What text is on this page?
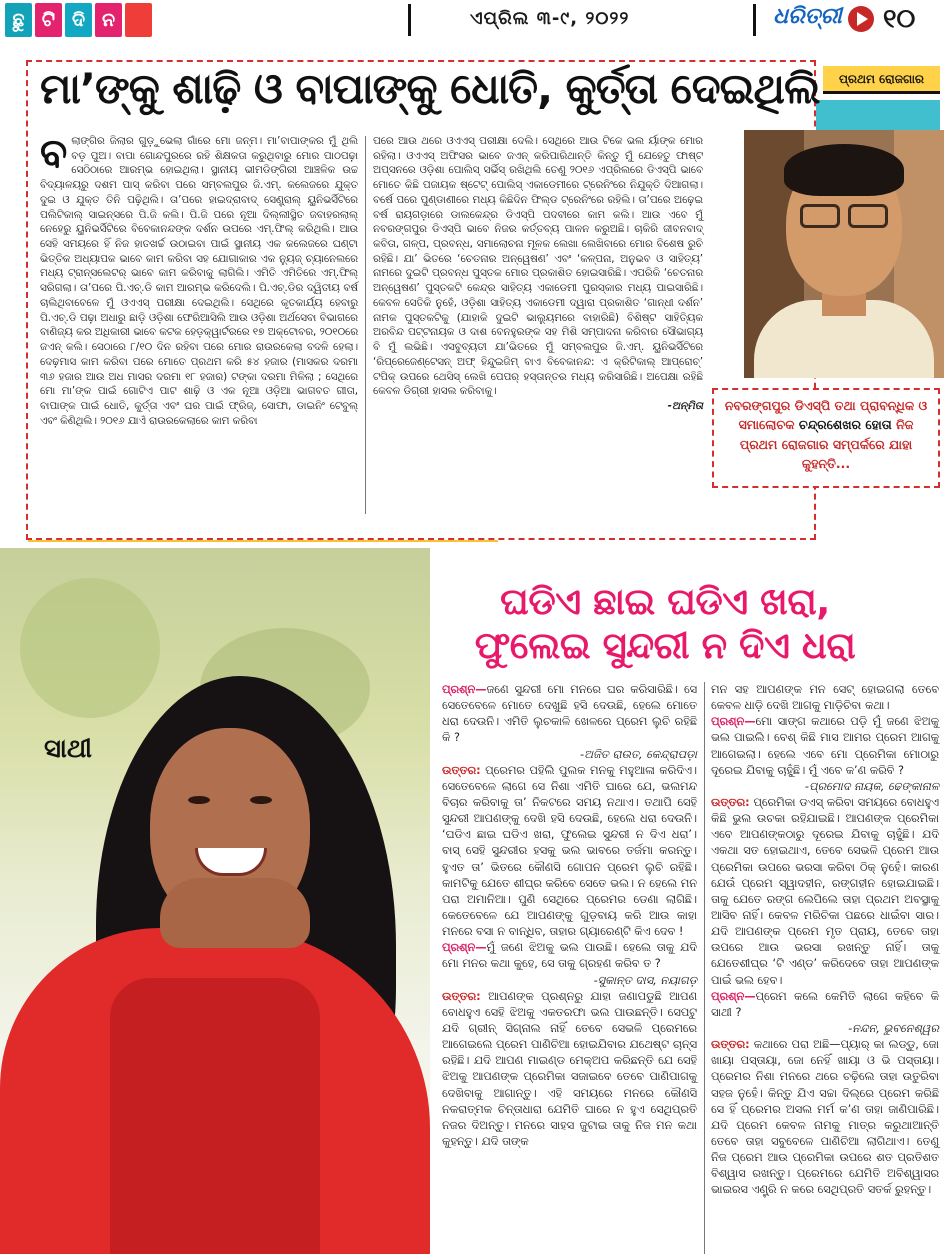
ଛୁ ଟି ଦି ନ	ଏପ୍ରିଲ ୩-୯, ୨୦୨୨	ଧରିତ୍ରୀ ୧୦
ପ୍ରଥମ ରୋଜଗାର
ମା’ଙ୍କୁ ଶାଢ଼ି ଓ ବାପାଙ୍କୁ ଧୋତି, କୁର୍ତ୍ତା ଦେଇଥିଲି
ବ ଲାଙ୍ଗିର ଜିଲାର ଗୁଡ଼ୁଭେଲା ଗାଁରେ ମୋ ଜନ୍ମ। ମା’ବାପାଙ୍କର ମୁଁ ଥିଲି ବଡ଼ ପୁଅ। ବାପା ଗୋନ୍ଦପୁରରେ ରହି ଶିକ୍ଷକତା କରୁଥିବାରୁ ମୋର ପାଠପଢ଼ା ସେଠିଠାରେ ଆରମ୍ଭ ହୋଇଥିଲା। ସ୍ଥାନୀୟ ଭୀମଡିଙ୍ଗିରୀ ଆଞ୍ଚଳିକ ଉଚ୍ଚ ବିଦ୍ୟାଳୟରୁ ଦଶମ ପାସ୍ କରିବା ପରେ ସମ୍ବଲପୁର ଜି.ଏମ୍. କଲେଜରେ ଯୁକ୍ତ ଦୁଇ ଓ ଯୁକ୍ତ ତିନି ପଢ଼ିଥିଲି। ତା’ପରେ ହାଇଦ୍ରାବାଦ୍ ସେଣ୍ଟ୍ରାଲ୍ ୟୁନିଭର୍ସିଟିରେ ପଲିଟିକାଲ୍ ସାଇନ୍ସରେ ପି.ଜି କଲି। ପି.ଜି ପରେ ନୂଆ ଦିଲ୍ଲୀସ୍ଥିତ ଜବାହରଲାଲ୍ ନେହେରୁ ୟୁନିଭର୍ସିଟିରେ ବିବେକାନନ୍ଦଙ୍କ ଦର୍ଶନ ଉପରେ ଏମ୍.ଫିଲ୍ କରିଥିଲି। ଆଉ ସେହି ସମୟରେ ହିଁ ନିଜ ହାତଖର୍ଚ୍ଚ ଉଠାଇବା ପାଇଁ ସ୍ଥାନୀୟ ଏକ କଲେଜରେ ଘଣ୍ଟା ଭିତ୍ତିକ ଅଧ୍ୟାପକ ଭାବେ କାମ କରିବା ସହ ଯୋଗାକାର ଏକ ନ୍ୟୁଜ୍ ଚ୍ୟାନେଲରେ ମଧ୍ୟ ଟ୍ରାନ୍ସଲେଟର୍ ଭାବେ କାମ କରିବାକୁ ଲାଗିଲି। ଏମିତି ଏମିତିରେ ଏମ୍.ଫିଲ୍ ସରିଗଲା। ତା’ପରେ ପି.ଏଚ୍.ଡି କାମ ଆରମ୍ଭ କରିଦେଲି। ପି.ଏଚ୍.ଡିର ଦ୍ୱିତୀୟ ବର୍ଷ ଚାଲିଥିବାବେଳେ ମୁଁ ଓଏଏସ୍ ପରୀକ୍ଷା ଦେଇଥିଲି। ସେଥିରେ କୃତକାର୍ଯ୍ୟ ହେବାରୁ ପି.ଏଚ୍.ଡି ପଢ଼ା ଅଧାରୁ ଛାଡ଼ି ଓଡ଼ିଶା ଫେରିଆସିଲି ଆଉ ଓଡ଼ିଶା ଅର୍ଥସେବା ବିଭାଗରେ ବାଣିଜ୍ୟ କର ଅଧିକାରୀ ଭାବେ କଟକ ହେଡ଼କ୍ୱାର୍ଟରରେ ୧୭ ଅକ୍ଟୋବର, ୨୦୧୦ରେ ଜଏନ୍ କଲି। ସେଠାରେ ୮/୧୦ ଦିନ ରହିବା ପରେ ମୋର ରାଉରକେଲା ବଦଳି ହେଲା। ଦେଢ଼ମାସ କାମ କରିବା ପରେ ମୋତେ ପ୍ରଥମ କରି ୫୪ ହଜାର (ମାସକର ଦରମା ୩୬ ହଜାର ଆଉ ଅଧ ମାସର ଦରମା ୧୮ ହଜାର) ଟଙ୍କା ଦରମା ମିଳିଲା ; ସେଥିରେ ମୋ ମା’ଙ୍କ ପାଇଁ ଗୋଟିଏ ପାଟ ଶାଢ଼ି ଓ ଏକ ନୂଆ ଓଡ଼ିଆ ଭାଗବତ ଗୀତା, ବାପାଙ୍କ ପାଇଁ ଧୋତି, କୁର୍ତ୍ତା ଏବଂ ଘର ପାଇଁ ଫ୍ରିଜ୍, ସୋଫା, ଡାଇନିଂ ଟେବୁଲ୍ ଏବଂ କିଣିଥିଲି। ୨୦୧୬ ଯାଏଁ ରାଉରକେଲାରେ କାମ କରିବା

ପରେ ଆଉ ଥରେ ଓଏଏସ୍ ପରୀକ୍ଷା ଦେଲି। ସେଥିରେ ଆଉ ଟିକେ ଭଲ ର୍ୟାଙ୍କ ମୋର ରହିଲା। ଓଏଏସ୍ ଅଫିସର ଭାବେ ଜଏନ୍ କରିପାରିଥାନ୍ତି କିନ୍ତୁ ମୁଁ ଯେହେତୁ ଫାଷ୍ଟ ଅପ୍ସନରେ ଓଡ଼ିଶା ପୋଲିସ୍ ସର୍ଭିସ୍ ରଖିଥିଲି ତେଣୁ ୨୦୧୬ ଏପ୍ରିଲରେ ଡିଏସ୍‌ପି ଭାବେ ମୋତେ କିଛି ପଜାୟକ ଷ୍ଟେଟ୍ ପୋଲିସ୍ ଏକାଡେମୀରେ ଟ୍ରେନିଂରେ ନିଯୁକ୍ତି ଦିଆଗଲା। ବର୍ଷେ ପରେ ପୁଣ୍ଡାଣୀରେ ମଧ୍ୟ କିଛିଦିନ ଫିଲ୍ଡ ଟ୍ରେନିଂରେ ରହିଲି। ତା’ପରେ ଅଢ଼େଇ ବର୍ଷ ରାୟଗଡ଼ାରେ ଡାଲକେନ୍ଦ୍ର ଡିଏସ୍‌ପି ପଦବୀରେ କାମ କଲି। ଆଉ ଏବେ ମୁଁ ନବରଙ୍ଗପୁର ଡିଏସ୍‌ପି ଭାବେ ନିଜର କର୍ତ୍ତବ୍ୟ ପାଳନ କରୁଅଛି। ଚାକିରି ଜୀବନବାଦ୍ କବିତା, ଗଳ୍ପ, ପ୍ରବନ୍ଧ, ସମାଲୋଚନା ମୂଳକ ଲେଖା ଲେଖିବାରେ ମୋର ବିଶେଷ ରୁଚି ରହିଛି। ଯା’ ଭିତରେ ‘ଚେତନାର ଅନ୍ୱେଷଣ’ ଏବଂ ‘କଳ୍ପନା, ଅନୁଭବ ଓ ସାହିତ୍ୟ’ ନାମରେ ଦୁଇଟି ପ୍ରବନ୍ଧ ପୁସ୍ତକ ମୋର ପ୍ରକାଶିତ ହୋଇସାରିଛି। ଏପରିକି ‘ଚେତନାର ଅନ୍ୱେଷଣ’ ପୁସ୍ତକଟି କେନ୍ଦ୍ର ସାହିତ୍ୟ ଏକାଡେମୀ ପୁରସ୍କାର ମଧ୍ୟ ପାଇସାରିଛି। କେବଳ ସେତିକି ନୁହେଁ, ଓଡ଼ିଶା ସାହିତ୍ୟ ଏକାଡେମୀ ଦ୍ୱାରା ପ୍ରକାଶିତ ‘ଗାନ୍ଧୀ ଦର୍ଶନ’ ନାମକ ପୁସ୍ତକଟିକୁ (ଯାହାକି ଦୁଇଟି ଭାଲ୍ୟୁମରେ ବାହାରିଛି) ବିଶିଷ୍ଟ ସାହିତ୍ୟିକ ଅରବିନ୍ଦ ପଟ୍ଟନାୟକ ଓ ଦାଶ ବେନହୁରଙ୍କ ସହ ମିଶି ସମ୍ପାଦନା କରିବାର ସୌଭାଗ୍ୟ ବି ମୁଁ ଲଭିଛି। ଏସବୁବ୍ୟତୀ ଯା’ଭିତରେ ମୁଁ ସମ୍ବଲପୁର ଜି.ଏମ୍. ୟୁନିଭର୍ସିଟିରେ ‘ରିପ୍ରେଜେଣ୍ଟେସନ୍ ଅଫ୍ ହିନ୍ଦୁଇଜିମ୍ ବାଏ ବିବେକାନନ୍ଦ: ଏ କ୍ରିଟିକାଲ୍ ଆପ୍ରୋଚ୍’ ଟପିକ୍ ଉପରେ ଥେସିସ୍ ଲେଖି ପେପର୍ ହସ୍ତାନ୍ତର ମଧ୍ୟ କରିସାରିଛି। ଅପେକ୍ଷା ରହିଛି କେବଳ ଡିଗ୍ରୀ ହାସଲ କରିବାକୁ।

-ଅନ୍ମିତା ନବରଙ୍ଗପୁର ଡିଏସ୍‌ପି ତଥା ପ୍ରାବନ୍ଧିକ ଓ ସମାଲୋଚକ ଚନ୍ଦ୍ରଶେଖର ହୋତା ନିଜ ପ୍ରଥମ ରୋଜଗାର ସମ୍ପର୍କରେ ଯାହା କୁହନ୍ତି...

ସାଥୀ
ଘଡିଏ ଛାଇ ଘଡିଏ ଖରା,
ଫୁଲେଇ ସୁନ୍ଦରୀ ନ ଦିଏ ଧରା

ପ୍ରଶ୍ନ—ଜଣେ ସୁନ୍ଦରୀ ମୋ ମନରେ ଘର କରିସାରିଛି। ସେ ସେତେବେଳେ ମୋତେ ଦେଖୁଛି ହସି ଦେଉଛି, ହେଲେ ମୋତେ ଧରା ଦେଉନି। ଏମିତି ଲୁଚକାଳି ଖେଳରେ ପ୍ରେମ ଲୁଚି ରହିଛି କି ?

-ଅଜିତ ରାଉତ, କେନ୍ଦ୍ରାପଡ଼ା

ଉତ୍ତର: ପ୍ରେମର ପହିଲି ପୁଲକ ମନକୁ ମହୁଆଳା କରିଦିଏ। ସେତେବେଳେ ଲାଗେ ସେ ନିଶା ଏମିତି ଘାରେ ଯେ, ଭଲମନ୍ଦ ବିଚାର କରିବାକୁ ତା’ ନିକଟରେ ସମୟ ନଥାଏ। ତଥାପି ସେହି ସୁନ୍ଦରୀ ଆପଣଙ୍କୁ ଦେଖି ହସି ଦେଉଛି, ହେଲେ ଧରା ଦେଉନି। ‘ଘଡିଏ ଛାଇ ଘଡିଏ ଖରା, ଫୁଲେଇ ସୁନ୍ଦରୀ ନ ଦିଏ ଧରା’। ବାସ୍ ସେହି ସୁନ୍ଦରୀର ହସକୁ ଭଲ ଭାବରେ ତର୍ଜମା କରନ୍ତୁ। ହୁଏତ ତା’ ଭିତରେ କୌଣସି ଗୋପନ ପ୍ରେମ ଲୁଚି ରହିଛି। କାମଟିକୁ ଯେତେ ଶୀଘ୍ର କରିବେ ସେତେ ଭଲ। ନ ହେଲେ ମନ ପରା ଅମାନିଆ। ପୁଣି ସେଥିରେ ପ୍ରେମର ଡେଣା ଲାଗିଛି। କେତେବେଳେ ଯେ ଆପଣଙ୍କୁ ଗୁଡ଼ବାୟ କରି ଆଉ କାହା ମନରେ ବସା ନ ବାନ୍ଧିବ, ତାହାର ଗ୍ୟାରେଣ୍ଟି କିଏ ଦେବ !

ପ୍ରଶ୍ନ—ମୁଁ ଜଣେ ଝିଅକୁ ଭଲ ପାଉଛି। ହେଲେ ତାକୁ ଯଦି ମୋ ମନର କଥା କୁହେ, ସେ ତାକୁ ଗ୍ରହଣ କରିବ ତ ?

-ସୁକାନ୍ତ ଦାସ, ନୟାଗଡ଼

ଉତ୍ତର: ଆପଣଙ୍କ ପ୍ରଶ୍ନରୁ ଯାହା ଜଣାପଡୁଛି ଆପଣ ବୋଧହୁଏ ସେହି ଝିଅକୁ ଏକତରଫା ଭଲ ପାଉଛନ୍ତି। ସେପଟୁ ଯଦି ଗ୍ରୀନ୍ ସିଗ୍ନାଲ ନାହିଁ ତେବେ ସେଭଳି ପ୍ରେମରେ ଆଗେଇଲେ ପ୍ରେମ ପାଣିଚିଆ ହୋଇଯିବାର ଯଥେଷ୍ଟ ଚାନ୍ସ ରହିଛି। ଯଦି ଆପଣ ମାଇଣ୍ଡ ମେକ୍‌ଅପ କରିଛନ୍ତି ଯେ ସେହି ଝିଅକୁ ଆପଣଙ୍କ ପ୍ରେମିକା ସଜାଇବେ ତେବେ ପାଣିପାଗକୁ ଦେଖିବାକୁ ଆଗାନ୍ତୁ। ଏହି ସମୟରେ ମନରେ କୌଣସି ନକରାତ୍ମକ ଚିନ୍ତାଧାରା ଯେମିତି ଘାରେ ନ ହୁଏ ସେଥିପ୍ରତି ନଜର ଦିଅନ୍ତୁ। ମନରେ ସାହସ ଜୁଟାଇ ତାକୁ ନିଜ ମନ କଥା କୁହନ୍ତୁ। ଯଦି ତାଙ୍କ

ମନ ସହ ଆପଣଙ୍କ ମନ ସେଟ୍ ହୋଇଗଲା ତେବେ କେବଳ ଧାଡ଼ି ଦେଖି ଆଗକୁ ମାଡ଼ିଚିବା କଥା।

ପ୍ରଶ୍ନ—ମୋ ସାଙ୍ଗ କଥାରେ ପଡ଼ି ମୁଁ ଜଣେ ଝିଅକୁ ଭଲ ପାଇଲି। ବେଶ୍ କିଛି ମାସ ଆମର ପ୍ରେମ ଆଗକୁ ଆଗେଇଲା। ହେଲେ ଏବେ ମୋ ପ୍ରେମିକା ମୋଠାରୁ ଦୂରେଇ ଯିବାକୁ ଚାହୁଁଛି। ମୁଁ ଏବେ କ’ଣ କରିବି ?

-ପ୍ରମୋଦ ନାୟକ, ଢେଙ୍କାନାଳ

ଉତ୍ତର: ପ୍ରେମିକା ଡଏସ୍ କରିବା ସମୟରେ ବୋଧହୁଏ କିଛି ଭୁଲ ଉଚକା ରହିଯାଇଛି। ଆପଣଙ୍କ ପ୍ରେମିକା ଏବେ ଆପଣଙ୍କଠାରୁ ଦୂରେଇ ଯିବାକୁ ଚାହୁଁଛି। ଯଦି ଏକଥା ସତ ହୋଇଥାଏ, ତେବେ ସେଭଳି ପ୍ରେମ ଆଉ ପ୍ରେମିକା ଉପରେ ଭରସା କରିବା ଠିକ୍ ନୁହେଁ। କାରଣ ଯେଉଁ ପ୍ରେମ ସ୍ୱାଦହୀନ, ରଙ୍ଗହୀନ ହୋଇଯାଇଛି। ତାକୁ ଯେତେ ରଙ୍ଗ ଲେପିଲେ ତାହା ପ୍ରଥମ ଅବସ୍ଥାକୁ ଆସିବ ନାହିଁ। କେବଳ ମରିଚିକା ପଛରେ ଧାଇଁବା ସାର। ଯଦି ଆପଣଙ୍କ ପ୍ରେମ ମୃତ ପ୍ରାୟ, ତେବେ ତାହା ଉପରେ ଆଉ ଭରସା ରଖନ୍ତୁ ନାହିଁ। ତାକୁ ଯେତେଶୀଘ୍ର ‘ଟି ଏଣ୍ଡ’ କରିଦେବେ ତାହା ଆପଣଙ୍କ ପାଇଁ ଭଲ ହେବ।

ପ୍ରଶ୍ନ—ପ୍ରେମ କଲେ କେମିତି ଲାଗେ କହିବେ କି ସାଥୀ ?

-ନନ୍ଦନ, ଭୁବନେଶ୍ୱର

ଉତ୍ତର: କଥାରେ ପରା ଅଛି—ପ୍ୟାର୍ କା ଲଡ୍ଡୁ, ଜୋ ଖାୟା ପସ୍ତାୟା, ଜୋ ନେହିଁ ଖାୟା ଓ ଭି ପସ୍ତାୟା। ପ୍ରେମର ନିଶା ମନରେ ଥରେ ଚଢ଼ିଲେ ତାହା ଉତୁରିବା ସହଜ ନୁହେଁ। କିନ୍ତୁ ଯିଏ ସଚ୍ଚା ଦିଲ୍‌ରେ ପ୍ରେମ କରିଛି ସେ ହିଁ ପ୍ରେମର ଅସଲ ମର୍ମ କ’ଣ ତାହା ଜାଣିପାରିଛି। ଯଦି ପ୍ରେମ କେବଳ ନାମକୁ ମାତ୍ର କରୁଥାଆନ୍ତି ତେବେ ତାହା ସବୁବେଳେ ପାଣିଚିଆ ଲାଗିଥାଏ। ତେଣୁ ନିଜ ପ୍ରେମ ଆଉ ପ୍ରେମିକା ଉପରେ ଶତ ପ୍ରତିଶତ ବିଶ୍ୱାସ ରଖନ୍ତୁ। ପ୍ରେମରେ ଯେମିତି ଅବିଶ୍ୱାସର ଭାଇରସ ଏଣ୍ଟ୍ରି ନ କରେ ସେଥିପ୍ରତି ସତର୍କ ରୁହନ୍ତୁ।
